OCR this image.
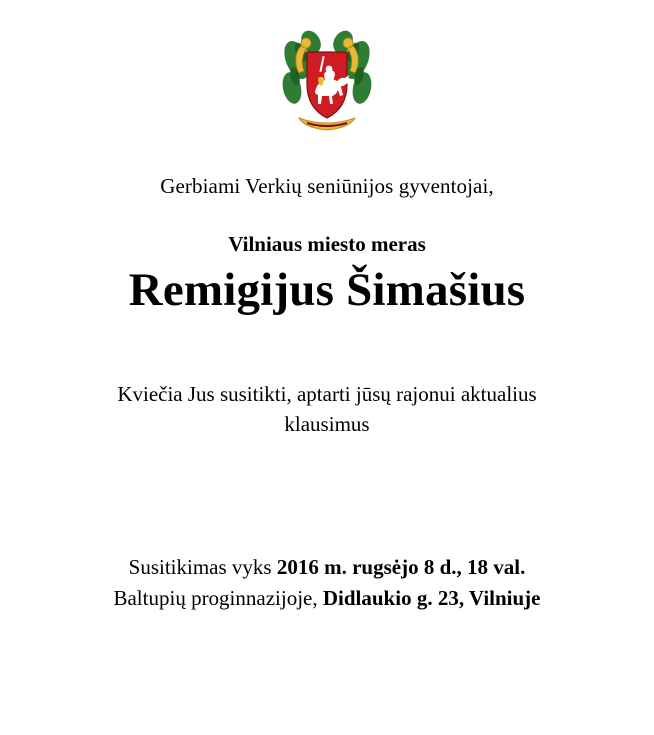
Gerbiami Verkių seniūnijos gyventojai,
Vilniaus miesto meras
Remigijus Šimašius
Kviečia Jus susitikti, aptarti jūsų rajonui aktualius
klausimus
Susitikimas vyks 2016 m. rugsėjo 8 d., 18 val.
Baltupių proginnazijoje, Didlaukio g. 23, Vilniuje
